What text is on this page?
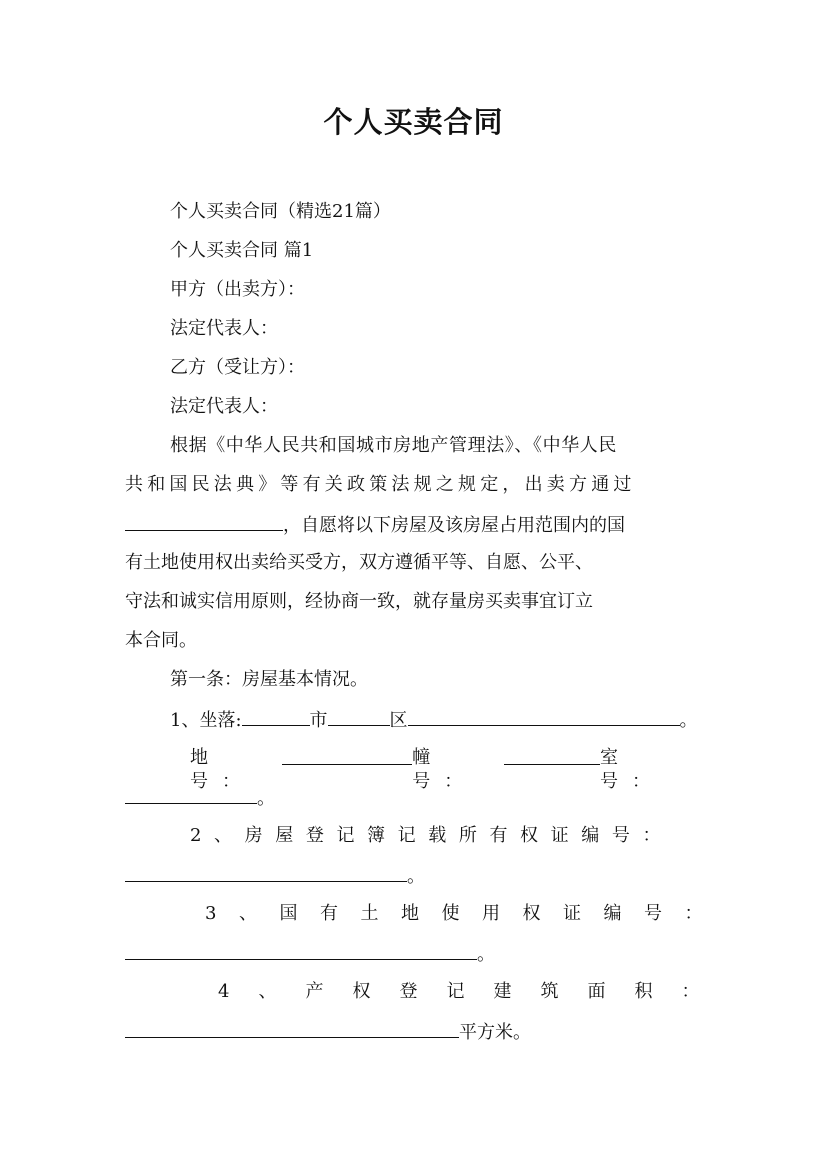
个人买卖合同
个人买卖合同（精选21篇）
个人买卖合同 篇1
甲方（出卖方）：
法定代表人：
乙方（受让方）：
法定代表人：
根据《中华人民共和国城市房地产管理法》、《中华人民
共和国民法典》等有关政策法规之规定，出卖方通过
，自愿将以下房屋及该房屋占用范围内的国
有土地使用权出卖给买受方，双方遵循平等、自愿、公平、
守法和诚实信用原则，经协商一致，就存量房买卖事宜订立
本合同。
第一条：房屋基本情况。
1、坐落:	市	区	。
地号：
幢号：
室号：
。
2、房屋登记簿记载所有权证编号：
。
3、国有土地使用权证编号：
。
4、产权登记建筑面积：
平方米。
